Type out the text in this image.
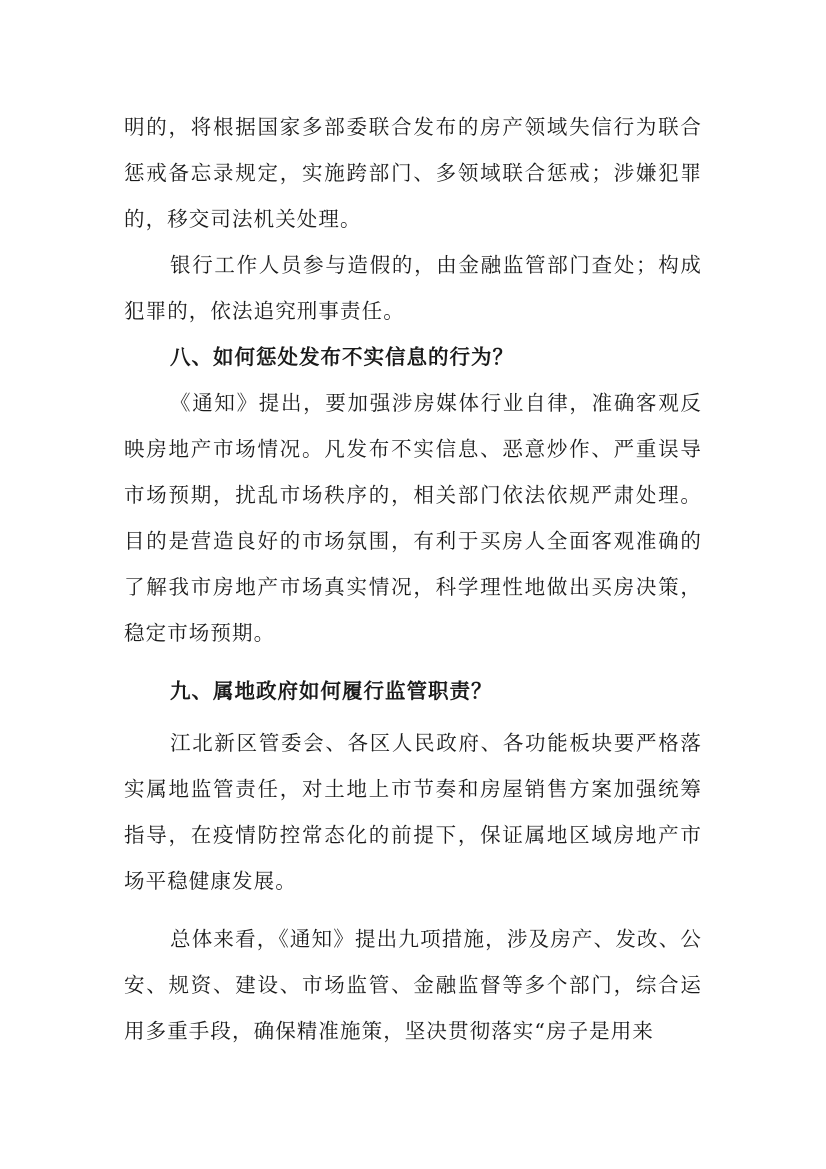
明的，将根据国家多部委联合发布的房产领域失信行为联合惩戒备忘录规定，实施跨部门、多领域联合惩戒；涉嫌犯罪的，移交司法机关处理。

银行工作人员参与造假的，由金融监管部门查处；构成犯罪的，依法追究刑事责任。

八、如何惩处发布不实信息的行为？

《通知》提出，要加强涉房媒体行业自律，准确客观反映房地产市场情况。凡发布不实信息、恶意炒作、严重误导市场预期，扰乱市场秩序的，相关部门依法依规严肃处理。目的是营造良好的市场氛围，有利于买房人全面客观准确的了解我市房地产市场真实情况，科学理性地做出买房决策，稳定市场预期。

九、属地政府如何履行监管职责？

江北新区管委会、各区人民政府、各功能板块要严格落实属地监管责任，对土地上市节奏和房屋销售方案加强统筹指导，在疫情防控常态化的前提下，保证属地区域房地产市场平稳健康发展。

总体来看，《通知》提出九项措施，涉及房产、发改、公安、规资、建设、市场监管、金融监督等多个部门，综合运用多重手段，确保精准施策，坚决贯彻落实“房子是用来
